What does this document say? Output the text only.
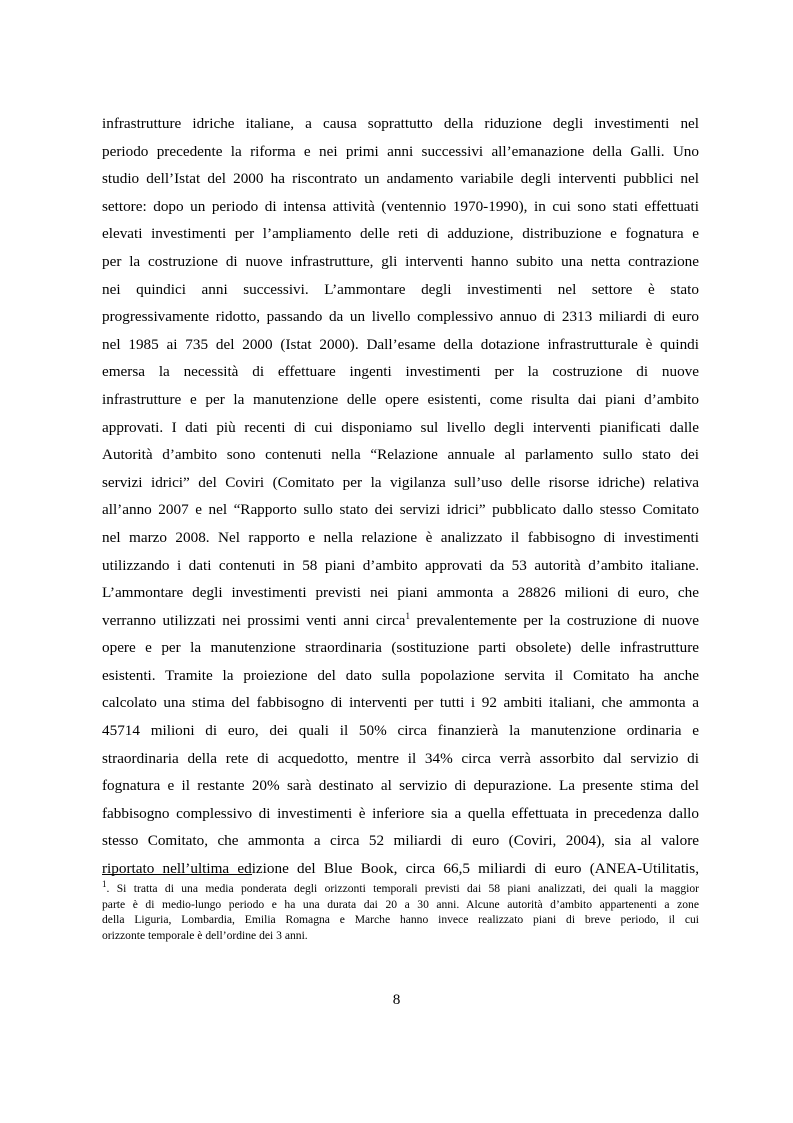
infrastrutture idriche italiane, a causa soprattutto della riduzione degli investimenti nel
periodo precedente la riforma e nei primi anni successivi all’emanazione della Galli. Uno
studio dell’Istat del 2000 ha riscontrato un andamento variabile degli interventi pubblici nel
settore: dopo un periodo di intensa attività (ventennio 1970-1990), in cui sono stati effettuati
elevati investimenti per l’ampliamento delle reti di adduzione, distribuzione e fognatura e
per la costruzione di nuove infrastrutture, gli interventi hanno subito una netta contrazione
nei quindici anni successivi. L’ammontare degli investimenti nel settore è stato
progressivamente ridotto, passando da un livello complessivo annuo di 2313 miliardi di euro
nel 1985 ai 735 del 2000 (Istat 2000). Dall’esame della dotazione infrastrutturale è quindi
emersa la necessità di effettuare ingenti investimenti per la costruzione di nuove
infrastrutture e per la manutenzione delle opere esistenti, come risulta dai piani d’ambito
approvati. I dati più recenti di cui disponiamo sul livello degli interventi pianificati dalle
Autorità d’ambito sono contenuti nella “Relazione annuale al parlamento sullo stato dei
servizi idrici” del Coviri (Comitato per la vigilanza sull’uso delle risorse idriche) relativa
all’anno 2007 e nel “Rapporto sullo stato dei servizi idrici” pubblicato dallo stesso Comitato
nel marzo 2008. Nel rapporto e nella relazione è analizzato il fabbisogno di investimenti
utilizzando i dati contenuti in 58 piani d’ambito approvati da 53 autorità d’ambito italiane.
L’ammontare degli investimenti previsti nei piani ammonta a 28826 milioni di euro, che
verranno utilizzati nei prossimi venti anni circa$^1$ prevalentemente per la costruzione di nuove
opere e per la manutenzione straordinaria (sostituzione parti obsolete) delle infrastrutture
esistenti. Tramite la proiezione del dato sulla popolazione servita il Comitato ha anche
calcolato una stima del fabbisogno di interventi per tutti i 92 ambiti italiani, che ammonta a
45714 milioni di euro, dei quali il 50% circa finanzierà la manutenzione ordinaria e
straordinaria della rete di acquedotto, mentre il 34% circa verrà assorbito dal servizio di
fognatura e il restante 20% sarà destinato al servizio di depurazione. La presente stima del
fabbisogno complessivo di investimenti è inferiore sia a quella effettuata in precedenza dallo
stesso Comitato, che ammonta a circa 52 miliardi di euro (Coviri, 2004), sia al valore
riportato nell’ultima edizione del Blue Book, circa 66,5 miliardi di euro (ANEA-Utilitatis,
$^1$. Si tratta di una media ponderata degli orizzonti temporali previsti dai 58 piani analizzati, dei quali la maggior
parte è di medio-lungo periodo e ha una durata dai 20 a 30 anni. Alcune autorità d’ambito appartenenti a zone
della Liguria, Lombardia, Emilia Romagna e Marche hanno invece realizzato piani di breve periodo, il cui
orizzonte temporale è dell’ordine dei 3 anni.
8
